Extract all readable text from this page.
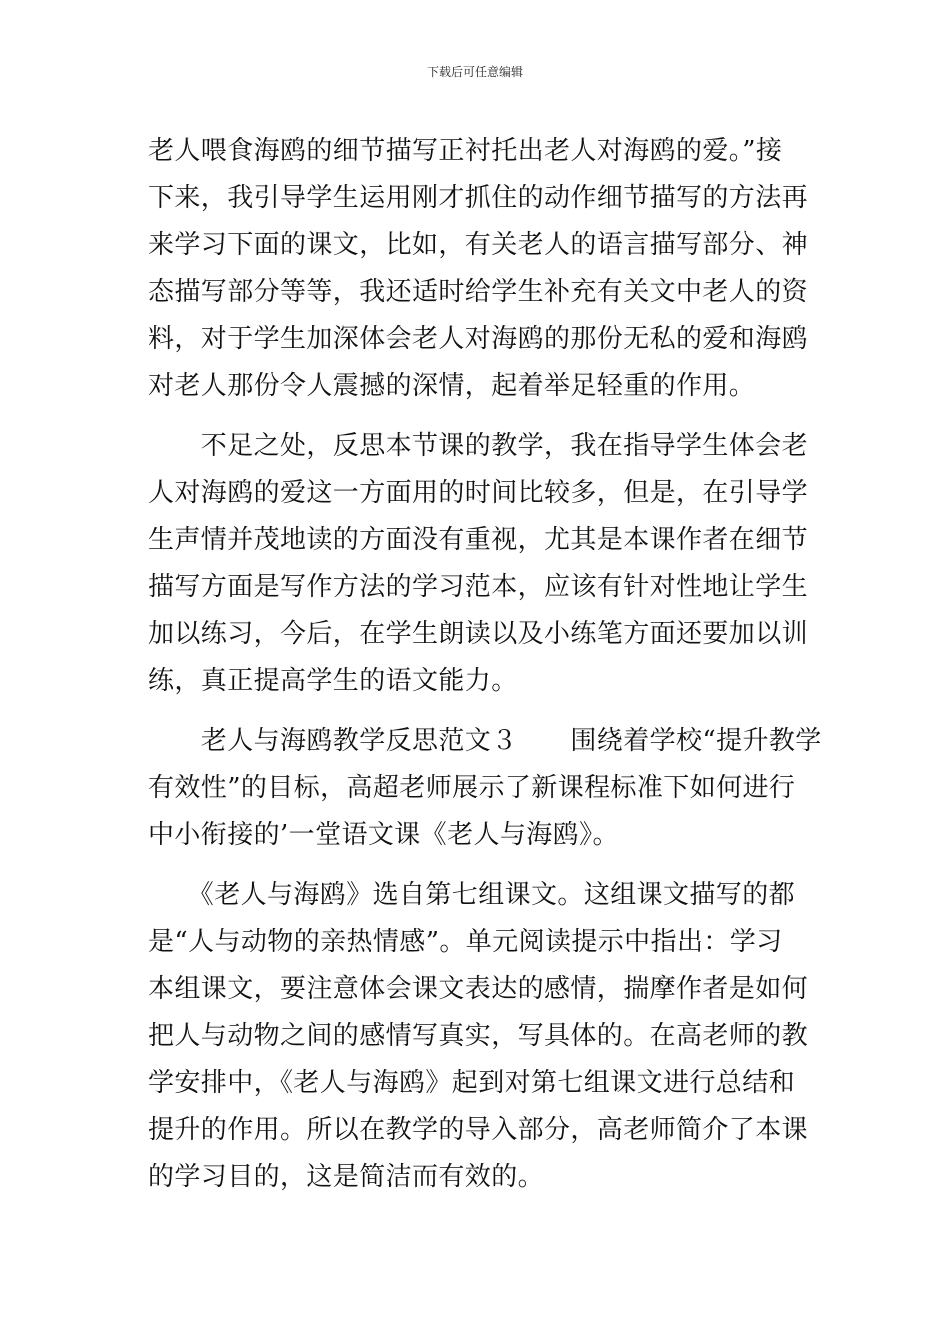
下载后可任意编辑
老人喂食海鸥的细节描写正衬托出老人对海鸥的爱。”接
下来，我引导学生运用刚才抓住的动作细节描写的方法再
来学习下面的课文，比如，有关老人的语言描写部分、神
态描写部分等等，我还适时给学生补充有关文中老人的资
料，对于学生加深体会老人对海鸥的那份无私的爱和海鸥
对老人那份令人震撼的深情，起着举足轻重的作用。
　　不足之处，反思本节课的教学，我在指导学生体会老
人对海鸥的爱这一方面用的时间比较多，但是，在引导学
生声情并茂地读的方面没有重视，尤其是本课作者在细节
描写方面是写作方法的学习范本，应该有针对性地让学生
加以练习，今后，在学生朗读以及小练笔方面还要加以训
练，真正提高学生的语文能力。
　　老人与海鸥教学反思范文３　　围绕着学校“提升教学
有效性”的目标，高超老师展示了新课程标准下如何进行
中小衔接的’一堂语文课《老人与海鸥》。
　　《老人与海鸥》选自第七组课文。这组课文描写的都
是“人与动物的亲热情感”。单元阅读提示中指出：学习
本组课文，要注意体会课文表达的感情，揣摩作者是如何
把人与动物之间的感情写真实，写具体的。在高老师的教
学安排中，《老人与海鸥》起到对第七组课文进行总结和
提升的作用。所以在教学的导入部分，高老师简介了本课
的学习目的，这是简洁而有效的。
